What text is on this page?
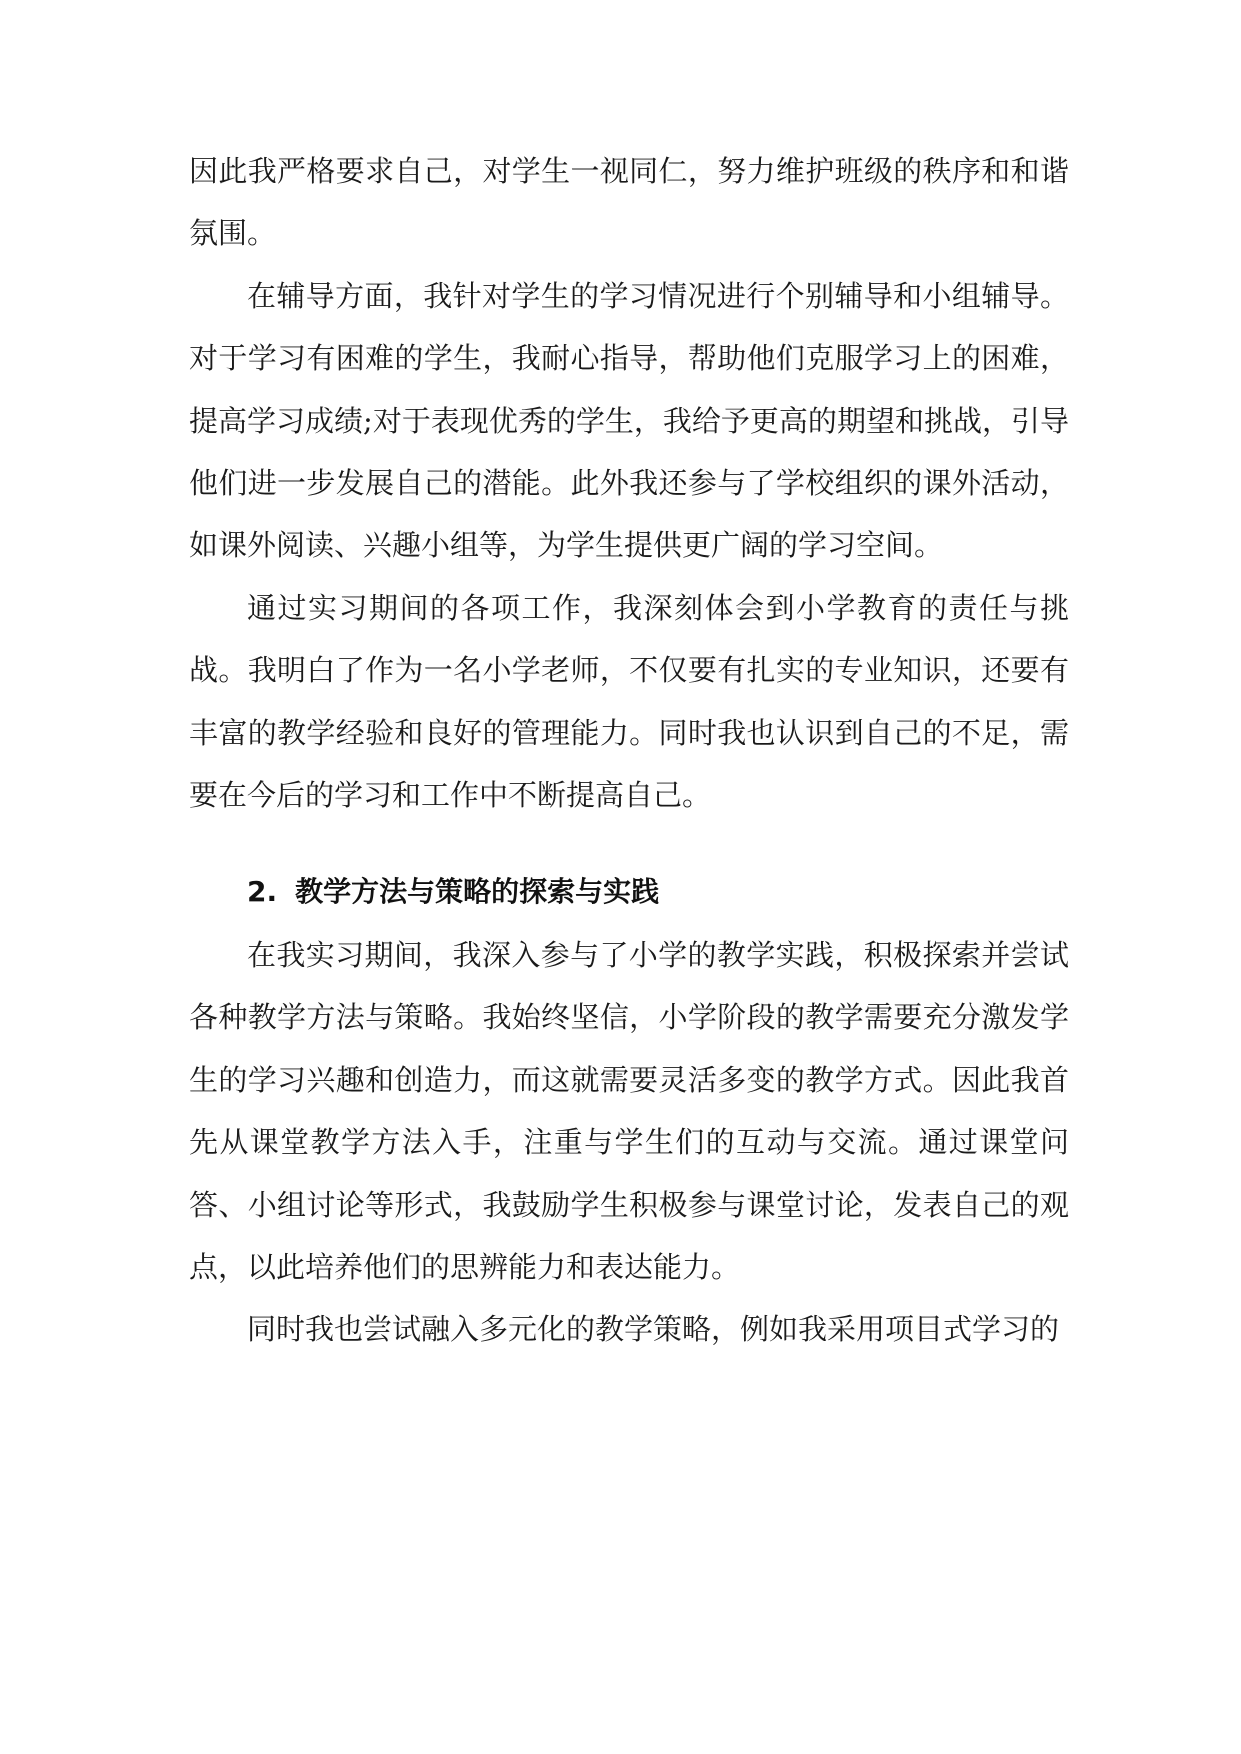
因此我严格要求自己，对学生一视同仁，努力维护班级的秩序和和谐氛围。

在辅导方面，我针对学生的学习情况进行个别辅导和小组辅导。对于学习有困难的学生，我耐心指导，帮助他们克服学习上的困难，提高学习成绩;对于表现优秀的学生，我给予更高的期望和挑战，引导他们进一步发展自己的潜能。此外我还参与了学校组织的课外活动，如课外阅读、兴趣小组等，为学生提供更广阔的学习空间。

通过实习期间的各项工作，我深刻体会到小学教育的责任与挑战。我明白了作为一名小学老师，不仅要有扎实的专业知识，还要有丰富的教学经验和良好的管理能力。同时我也认识到自己的不足，需要在今后的学习和工作中不断提高自己。

2. 教学方法与策略的探索与实践

在我实习期间，我深入参与了小学的教学实践，积极探索并尝试各种教学方法与策略。我始终坚信，小学阶段的教学需要充分激发学生的学习兴趣和创造力，而这就需要灵活多变的教学方式。因此我首先从课堂教学方法入手，注重与学生们的互动与交流。通过课堂问答、小组讨论等形式，我鼓励学生积极参与课堂讨论，发表自己的观点，以此培养他们的思辨能力和表达能力。

同时我也尝试融入多元化的教学策略，例如我采用项目式学习的
